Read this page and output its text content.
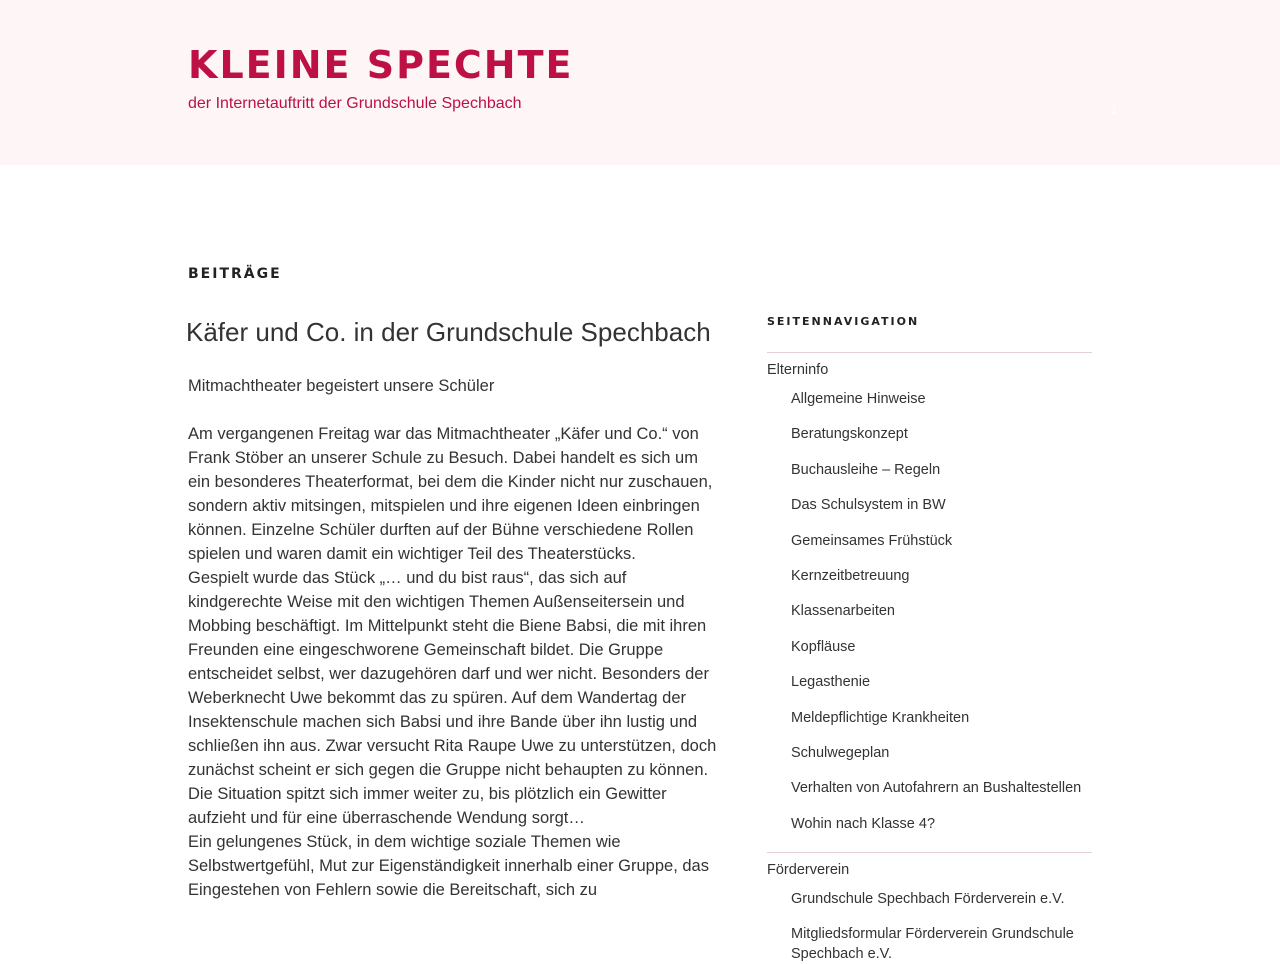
KLEINE SPECHTE

der Internetauftritt der Grundschule Spechbach	↓
BEITRÄGE
Käfer und Co. in der Grundschule Spechbach

Mitmachtheater begeistert unsere Schüler

Am vergangenen Freitag war das Mitmachtheater „Käfer und Co.“ von Frank Stöber an unserer Schule zu Besuch. Dabei handelt es sich um ein besonderes Theaterformat, bei dem die Kinder nicht nur zuschauen, sondern aktiv mitsingen, mitspielen und ihre eigenen Ideen einbringen können. Einzelne Schüler durften auf der Bühne verschiedene Rollen spielen und waren damit ein wichtiger Teil des Theaterstücks.

Gespielt wurde das Stück „… und du bist raus“, das sich auf kindgerechte Weise mit den wichtigen Themen Außenseitersein und Mobbing beschäftigt. Im Mittelpunkt steht die Biene Babsi, die mit ihren Freunden eine eingeschworene Gemeinschaft bildet. Die Gruppe entscheidet selbst, wer dazugehören darf und wer nicht. Besonders der Weberknecht Uwe bekommt das zu spüren. Auf dem Wandertag der Insektenschule machen sich Babsi und ihre Bande über ihn lustig und schließen ihn aus. Zwar versucht Rita Raupe Uwe zu unterstützen, doch zunächst scheint er sich gegen die Gruppe nicht behaupten zu können. Die Situation spitzt sich immer weiter zu, bis plötzlich ein Gewitter aufzieht und für eine überraschende Wendung sorgt…

Ein gelungenes Stück, in dem wichtige soziale Themen wie Selbstwertgefühl, Mut zur Eigenständigkeit innerhalb einer Gruppe, das Eingestehen von Fehlern sowie die Bereitschaft, sich zu

SEITENNAVIGATION
Elterninfo
Allgemeine Hinweise
Beratungskonzept
Buchausleihe – Regeln
Das Schulsystem in BW
Gemeinsames Frühstück
Kernzeitbetreuung
Klassenarbeiten
Kopfläuse
Legasthenie
Meldepflichtige Krankheiten
Schulwegeplan
Verhalten von Autofahrern an Bushaltestellen
Wohin nach Klasse 4?
Förderverein
Grundschule Spechbach Förderverein e.V.
Mitgliedsformular Förderverein Grundschule Spechbach e.V.
